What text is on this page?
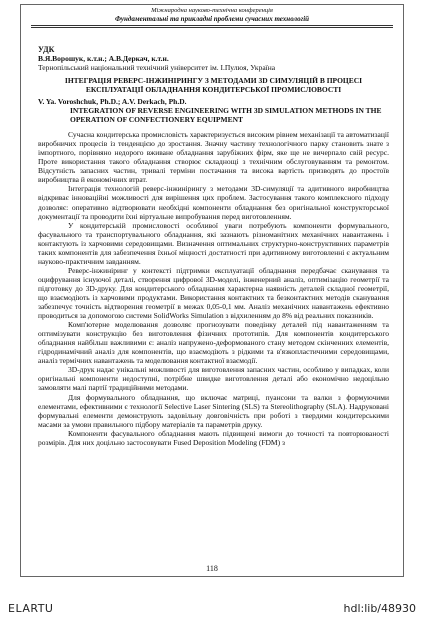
Міжнародна науково-технічна конференція
Фундаментальні та прикладні проблеми сучасних технологій
УДК
В.Я.Ворошук, к.т.н.; А.В.Деркач, к.т.н.
Тернопільський національний технічний університет ім. І.Пулюя, Україна
ІНТЕГРАЦІЯ РЕВЕРС-ІНЖИНІРИНГУ З МЕТОДАМИ 3D СИМУЛЯЦІЙ В ПРОЦЕСІ ЕКСПЛУАТАЦІЇ ОБЛАДНАННЯ КОНДИТЕРСЬКОЇ ПРОМИСЛОВОСТІ
V. Ya. Voroshchuk, Ph.D.; A.V. Derkach, Ph.D.
INTEGRATION OF REVERSE ENGINEERING WITH 3D SIMULATION METHODS IN THE OPERATION OF CONFECTIONERY EQUIPMENT

Сучасна кондитерська промисловість характеризується високим рівнем механізації та автоматизації виробничих процесів із тенденцією до зростання. Значну частину технологічного парку становить знате з імпортного, порівняно недорого вживане обладнання зарубіжних фірм, яке ще не вичерпало свій ресурс. Проте використання такого обладнання створює складнощі з технічним обслуговуванням та ремонтом. Відсутність запасних частин, тривалі терміни постачання та висока вартість призводять до простоїв виробництва й економічних втрат.

Інтеграція технологій реверс-інжинірингу з методами 3D-симуляції та адитивного виробництва відкриває інноваційні можливості для вирішення цих проблем. Застосування такого комплексного підходу дозволяє: оперативно відтворювати необхідні компоненти обладнання без оригінальної конструкторської документації та проводити їхні віртуальне випробування перед виготовленням.

У кондитерській промисловості особливої уваги потребують компоненти формувального, фасувального та транспортувального обладнання, які зазнають різноманітних механічних навантажень і контактують із харчовими середовищами. Визначення оптимальних структурно-конструктивних параметрів таких компонентів для забезпечення їхньої міцності достатності при адитивному виготовленні є актуальним науково-практичним завданням.

Реверс-інжиніринг у контексті підтримки експлуатації обладнання передбачає сканування та оцифрування існуючої деталі, створення цифрової 3D-моделі, інженерний аналіз, оптимізацію геометрії та підготовку до 3D-друку. Для кондитерського обладнання характерна наявність деталей складної геометрії, що взаємодіють із харчовими продуктами. Використання контактних та безконтактних методів сканування забезпечує точність відтворення геометрії в межах 0,05-0,1 мм. Аналіз механічних навантажень ефективно проводиться за допомогою системи SolidWorks Simulation з відхиленням до 8% від реальних показників.

Комп'ютерне моделювання дозволяє прогнозувати поведінку деталей під навантаженням та оптимізувати конструкцію без виготовлення фізичних прототипів. Для компонентів кондитерського обладнання найбільш важливими є: аналіз напружено-деформованого стану методом скінченних елементів, гідродинамічний аналіз для компонентів, що взаємодіють з рідкими та в'язкопластичними середовищами, аналіз термічних навантажень та моделювання контактної взаємодії.

3D-друк надає унікальні можливості для виготовлення запасних частин, особливо у випадках, коли оригінальні компоненти недоступні, потрібне швидке виготовлення деталі або економічно недоцільно замовляти малі партії традиційними методами.

Для формувального обладнання, що включає матриці, пуансони та валки з формуючими елементами, ефективними є технології Selective Laser Sintering (SLS) та Stereolithography (SLA). Надруковані формувальні елементи демонструють задовільну довговічність при роботі з твердими кондитерськими масами за умови правильного підбору матеріалів та параметрів друку.

Компоненти фасувального обладнання мають підвищені вимоги до точності та повторюваності розмірів. Для них доцільно застосовувати Fused Deposition Modeling (FDM) з

118
ELARTU	hdl:lib/48930
